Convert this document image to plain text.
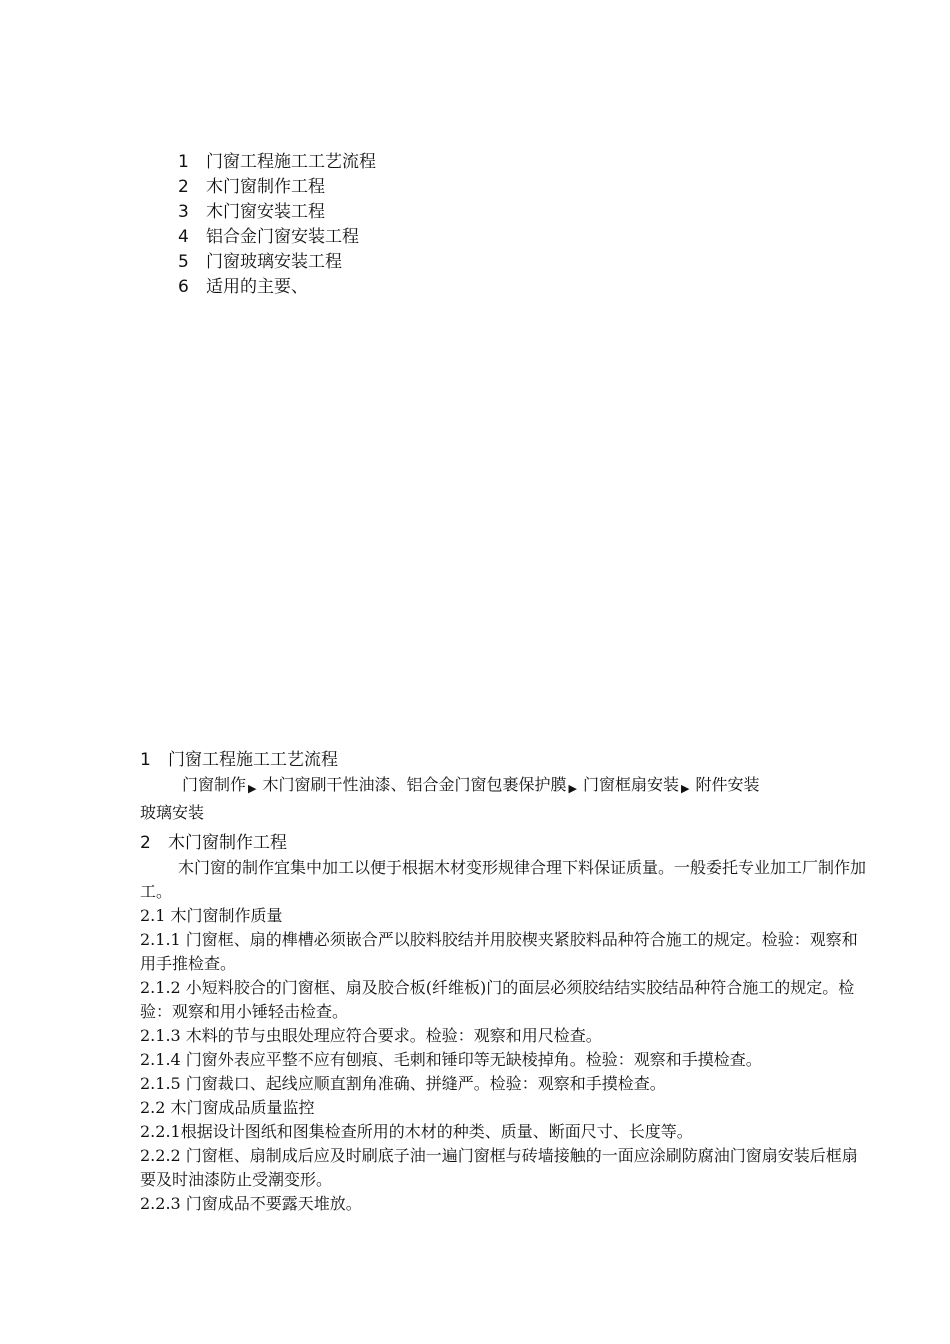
1 门窗工程施工工艺流程
2 木门窗制作工程
3 木门窗安装工程
4 铝合金门窗安装工程
5 门窗玻璃安装工程
6 适用的主要、
1 门窗工程施工工艺流程
门窗制作 ▶ 木门窗刷干性油漆、铝合金门窗包裹保护膜 ▶ 门窗框扇安装 ▶ 附件安装

玻璃安装

2 木门窗制作工程

木门窗的制作宜集中加工以便于根据木材变形规律合理下料保证质量。一般委托专业加工厂制作加工。

2.1 木门窗制作质量

2.1.1 门窗框、扇的榫槽必须嵌合严以胶料胶结并用胶楔夹紧胶料品种符合施工的规定。检验：观察和用手推检查。

2.1.2 小短料胶合的门窗框、扇及胶合板(纤维板)门的面层必须胶结结实胶结品种符合施工的规定。检验：观察和用小锤轻击检查。

2.1.3 木料的节与虫眼处理应符合要求。检验：观察和用尺检查。

2.1.4 门窗外表应平整不应有刨痕、毛刺和锤印等无缺棱掉角。检验：观察和手摸检查。

2.1.5 门窗裁口、起线应顺直割角准确、拼缝严。检验：观察和手摸检查。

2.2 木门窗成品质量监控

2.2.1根据设计图纸和图集检查所用的木材的种类、质量、断面尺寸、长度等。

2.2.2 门窗框、扇制成后应及时刷底子油一遍门窗框与砖墙接触的一面应涂刷防腐油门窗扇安装后框扇要及时油漆防止受潮变形。

2.2.3 门窗成品不要露天堆放。
